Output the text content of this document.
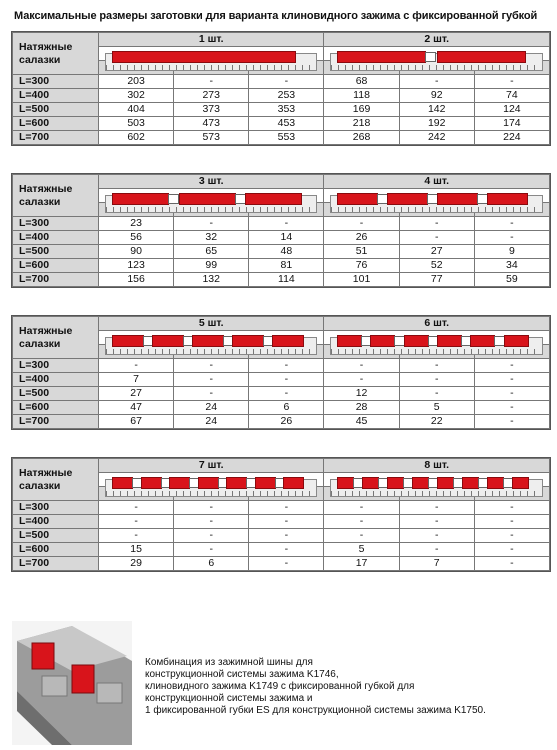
Максимальные размеры заготовки для варианта клиновидного зажима с фиксированной губкой
Натяжные салазки	1 шт.			2 шт.		

L=300	203	-	-	68	-	-
L=400	302	273	253	118	92	74
L=500	404	373	353	169	142	124
L=600	503	473	453	218	192	174
L=700	602	573	553	268	242	224
Натяжные салазки	3 шт.			4 шт.		

L=300	23	-	-	-	-	-
L=400	56	32	14	26	-	-
L=500	90	65	48	51	27	9
L=600	123	99	81	76	52	34
L=700	156	132	114	101	77	59
Натяжные салазки	5 шт.			6 шт.		

L=300	-	-	-	-	-	-
L=400	7	-	-	-	-	-
L=500	27	-	-	12	-	-
L=600	47	24	6	28	5	-
L=700	67	24	26	45	22	-
Натяжные салазки	7 шт.			8 шт.		

L=300	-	-	-	-	-	-
L=400	-	-	-	-	-	-
L=500	-	-	-	-	-	-
L=600	15	-	-	5	-	-
L=700	29	6	-	17	7	-
Комбинация из зажимной шины для
конструкционной системы зажима K1746,
клиновидного зажима K1749 с фиксированной губкой для
конструкционной системы зажима и
1 фиксированной губки ES для конструкционной системы зажима K1750.
